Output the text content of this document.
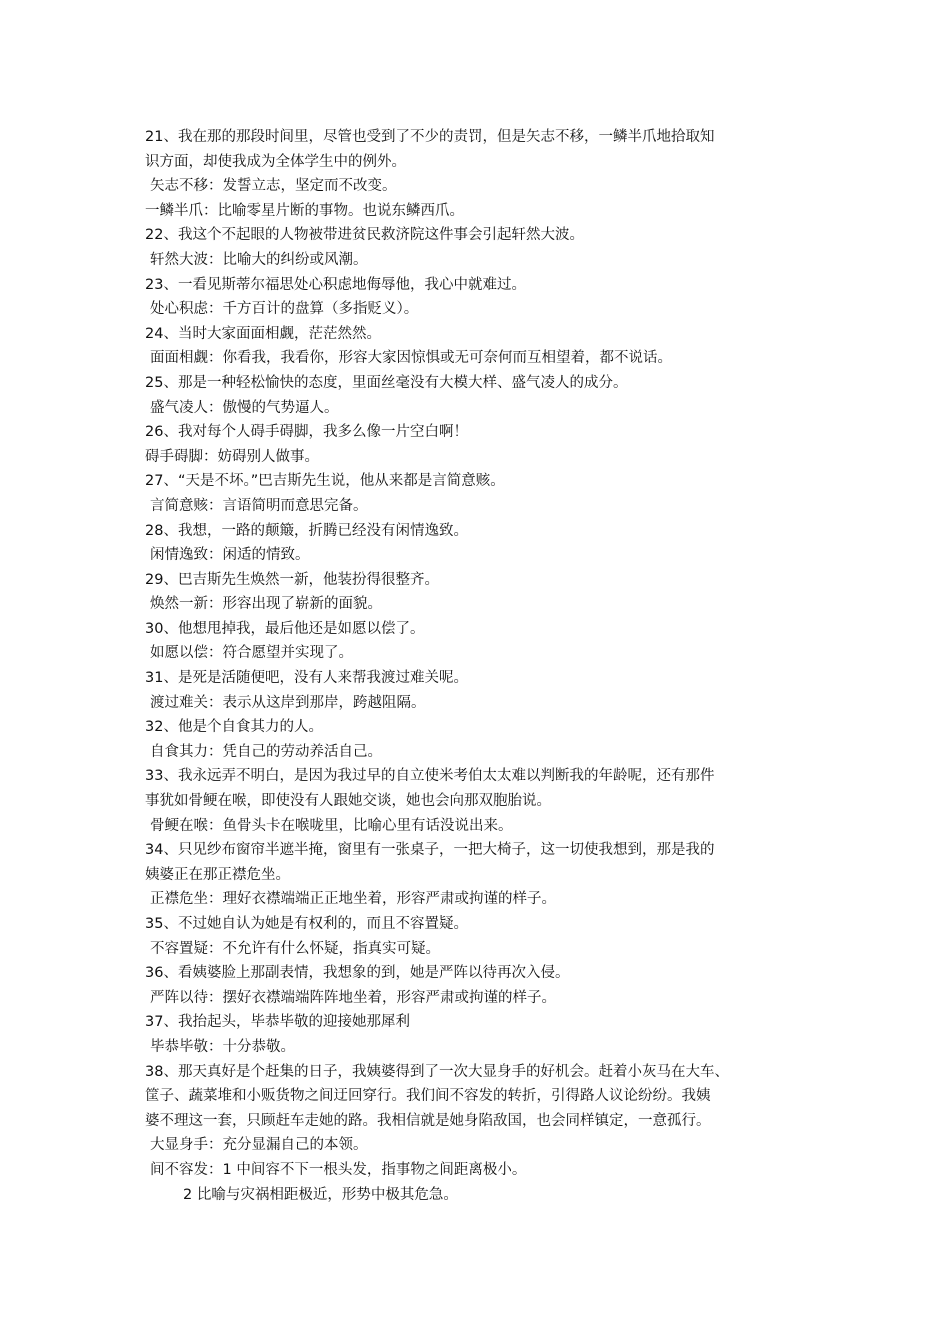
21、我在那的那段时间里，尽管也受到了不少的责罚，但是矢志不移，一鳞半爪地拾取知
识方面，却使我成为全体学生中的例外。
矢志不移：发誓立志，坚定而不改变。
一鳞半爪：比喻零星片断的事物。也说东鳞西爪。
22、我这个不起眼的人物被带进贫民救济院这件事会引起轩然大波。
轩然大波：比喻大的纠纷或风潮。
23、一看见斯蒂尔福思处心积虑地侮辱他，我心中就难过。
处心积虑：千方百计的盘算（多指贬义）。
24、当时大家面面相觑，茫茫然然。
面面相觑：你看我，我看你，形容大家因惊惧或无可奈何而互相望着，都不说话。
25、那是一种轻松愉快的态度，里面丝毫没有大模大样、盛气凌人的成分。
盛气凌人：傲慢的气势逼人。
26、我对每个人碍手碍脚，我多么像一片空白啊！
碍手碍脚：妨碍别人做事。
27、“天是不坏。”巴吉斯先生说，他从来都是言简意赅。
言简意赅：言语简明而意思完备。
28、我想，一路的颠簸，折腾已经没有闲情逸致。
闲情逸致：闲适的情致。
29、巴吉斯先生焕然一新，他装扮得很整齐。
焕然一新：形容出现了崭新的面貌。
30、他想甩掉我，最后他还是如愿以偿了。
如愿以偿：符合愿望并实现了。
31、是死是活随便吧，没有人来帮我渡过难关呢。
渡过难关：表示从这岸到那岸，跨越阻隔。
32、他是个自食其力的人。
自食其力：凭自己的劳动养活自己。
33、我永远弄不明白，是因为我过早的自立使米考伯太太难以判断我的年龄呢，还有那件
事犹如骨鲠在喉，即使没有人跟她交谈，她也会向那双胞胎说。
骨鲠在喉：鱼骨头卡在喉咙里，比喻心里有话没说出来。
34、只见纱布窗帘半遮半掩，窗里有一张桌子，一把大椅子，这一切使我想到，那是我的
姨婆正在那正襟危坐。
正襟危坐：理好衣襟端端正正地坐着，形容严肃或拘谨的样子。
35、不过她自认为她是有权利的，而且不容置疑。
不容置疑：不允许有什么怀疑，指真实可疑。
36、看姨婆脸上那副表情，我想象的到，她是严阵以待再次入侵。
严阵以待：摆好衣襟端端阵阵地坐着，形容严肃或拘谨的样子。
37、我抬起头，毕恭毕敬的迎接她那犀利
毕恭毕敬：十分恭敬。
38、那天真好是个赶集的日子，我姨婆得到了一次大显身手的好机会。赶着小灰马在大车、
筐子、蔬菜堆和小贩货物之间迂回穿行。我们间不容发的转折，引得路人议论纷纷。我姨
婆不理这一套，只顾赶车走她的路。我相信就是她身陷敌国，也会同样镇定，一意孤行。
大显身手：充分显漏自己的本领。
间不容发：1 中间容不下一根头发，指事物之间距离极小。
2 比喻与灾祸相距极近，形势中极其危急。
